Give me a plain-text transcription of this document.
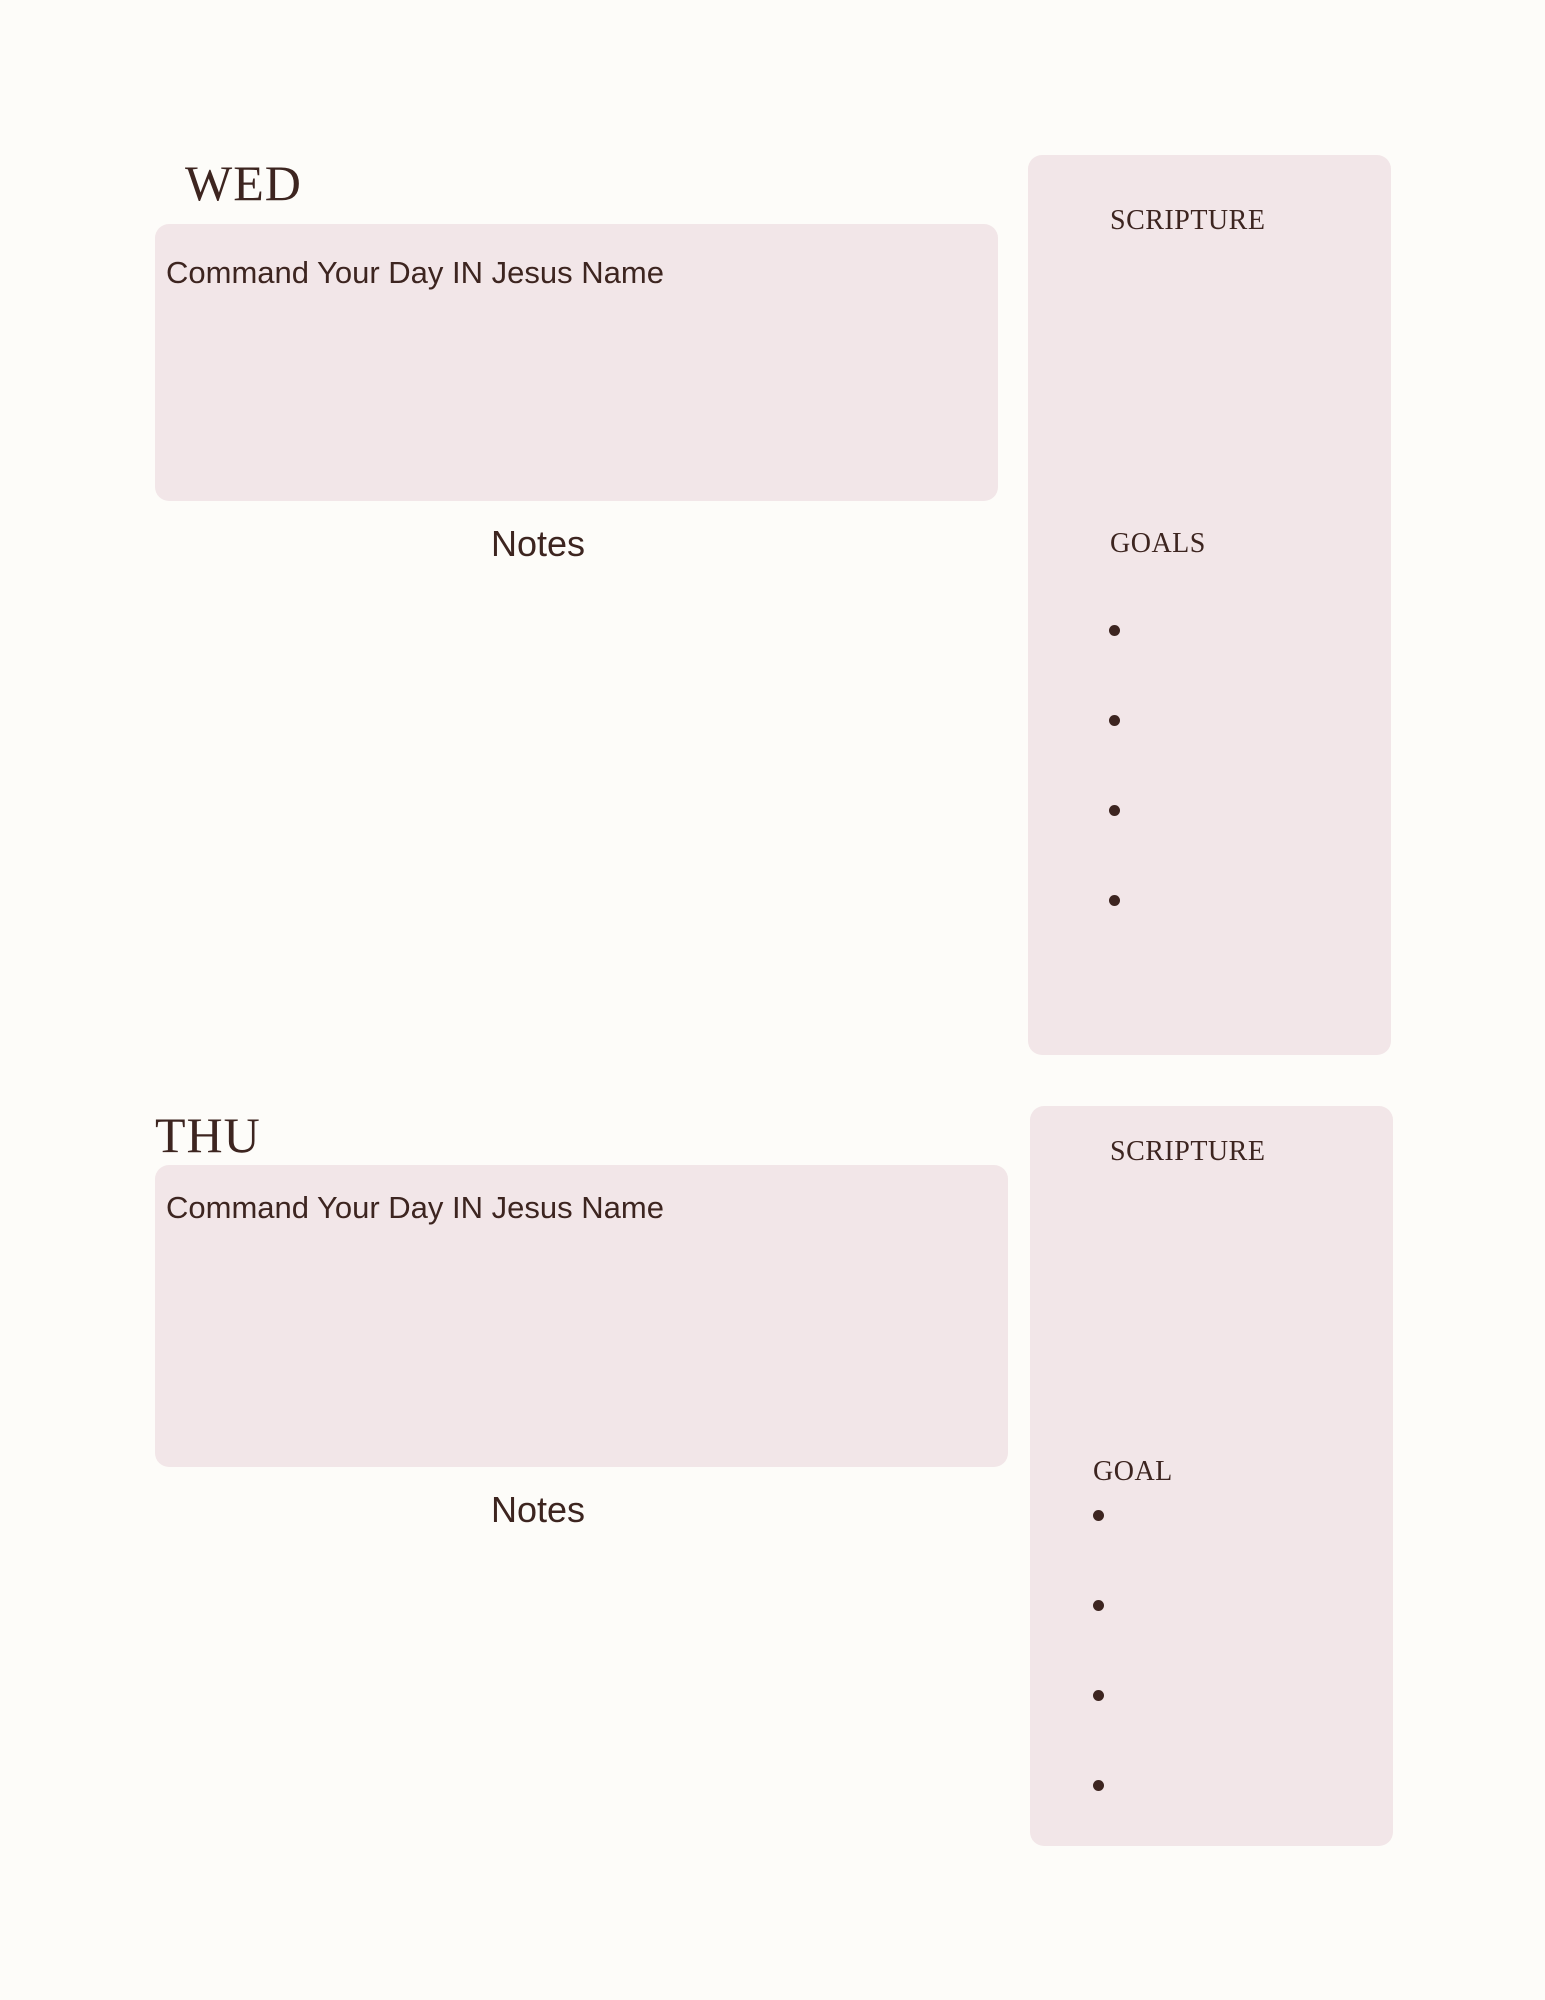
WED
Command Your Day IN Jesus Name
Notes
SCRIPTURE
GOALS
THU
Command Your Day IN Jesus Name
Notes
SCRIPTURE
GOAL
